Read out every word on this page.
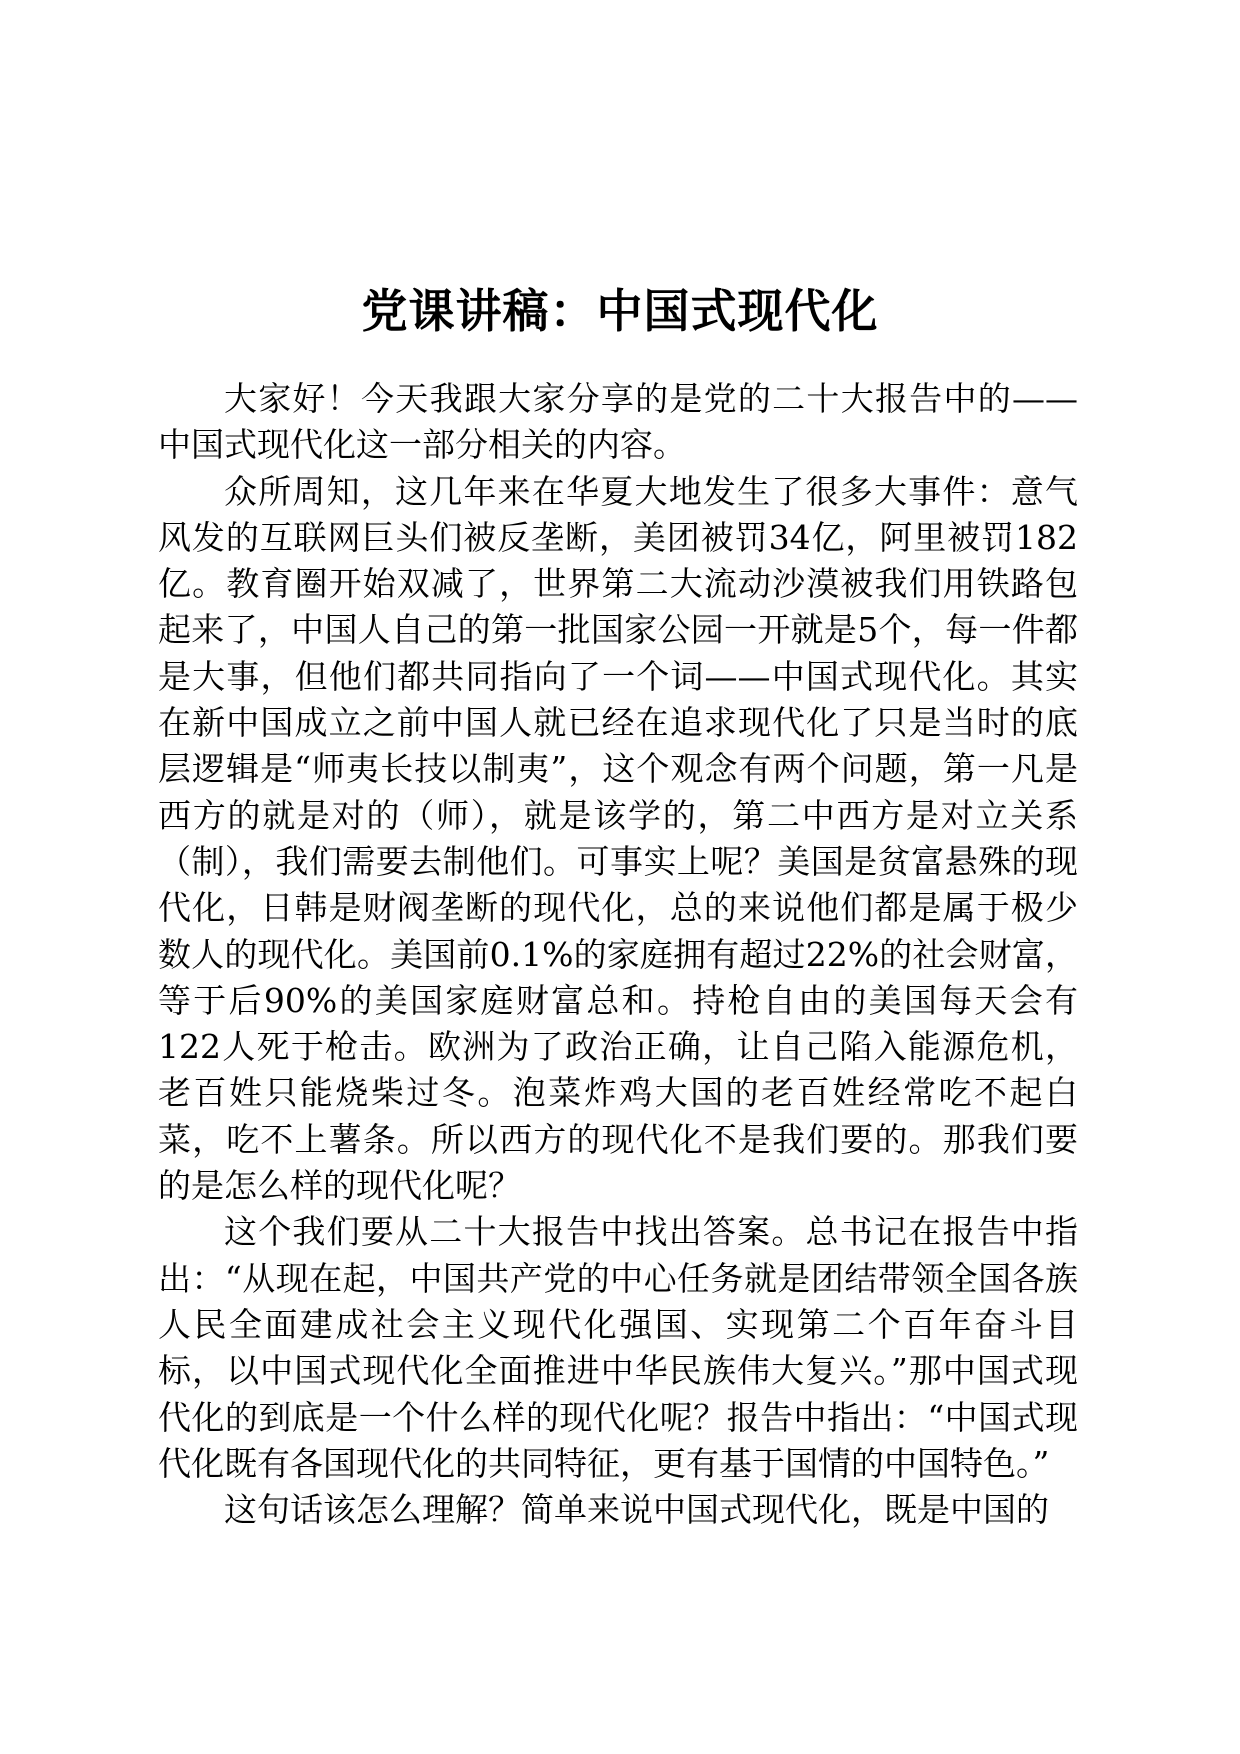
党课讲稿：中国式现代化

大家好！今天我跟大家分享的是党的二十大报告中的——中国式现代化这一部分相关的内容。

众所周知，这几年来在华夏大地发生了很多大事件：意气风发的互联网巨头们被反垄断，美团被罚34亿，阿里被罚182亿。教育圈开始双减了，世界第二大流动沙漠被我们用铁路包起来了，中国人自己的第一批国家公园一开就是5个，每一件都是大事，但他们都共同指向了一个词——中国式现代化。其实在新中国成立之前中国人就已经在追求现代化了只是当时的底层逻辑是“师夷长技以制夷”，这个观念有两个问题，第一凡是西方的就是对的（师），就是该学的，第二中西方是对立关系（制），我们需要去制他们。可事实上呢？美国是贫富悬殊的现代化，日韩是财阀垄断的现代化，总的来说他们都是属于极少数人的现代化。美国前0.1%的家庭拥有超过22%的社会财富，等于后90%的美国家庭财富总和。持枪自由的美国每天会有122人死于枪击。欧洲为了政治正确，让自己陷入能源危机，老百姓只能烧柴过冬。泡菜炸鸡大国的老百姓经常吃不起白菜，吃不上薯条。所以西方的现代化不是我们要的。那我们要的是怎么样的现代化呢？

这个我们要从二十大报告中找出答案。总书记在报告中指出：“从现在起，中国共产党的中心任务就是团结带领全国各族人民全面建成社会主义现代化强国、实现第二个百年奋斗目标，以中国式现代化全面推进中华民族伟大复兴。”那中国式现代化的到底是一个什么样的现代化呢？报告中指出：“中国式现代化既有各国现代化的共同特征，更有基于国情的中国特色。”

这句话该怎么理解？简单来说中国式现代化，既是中国的
